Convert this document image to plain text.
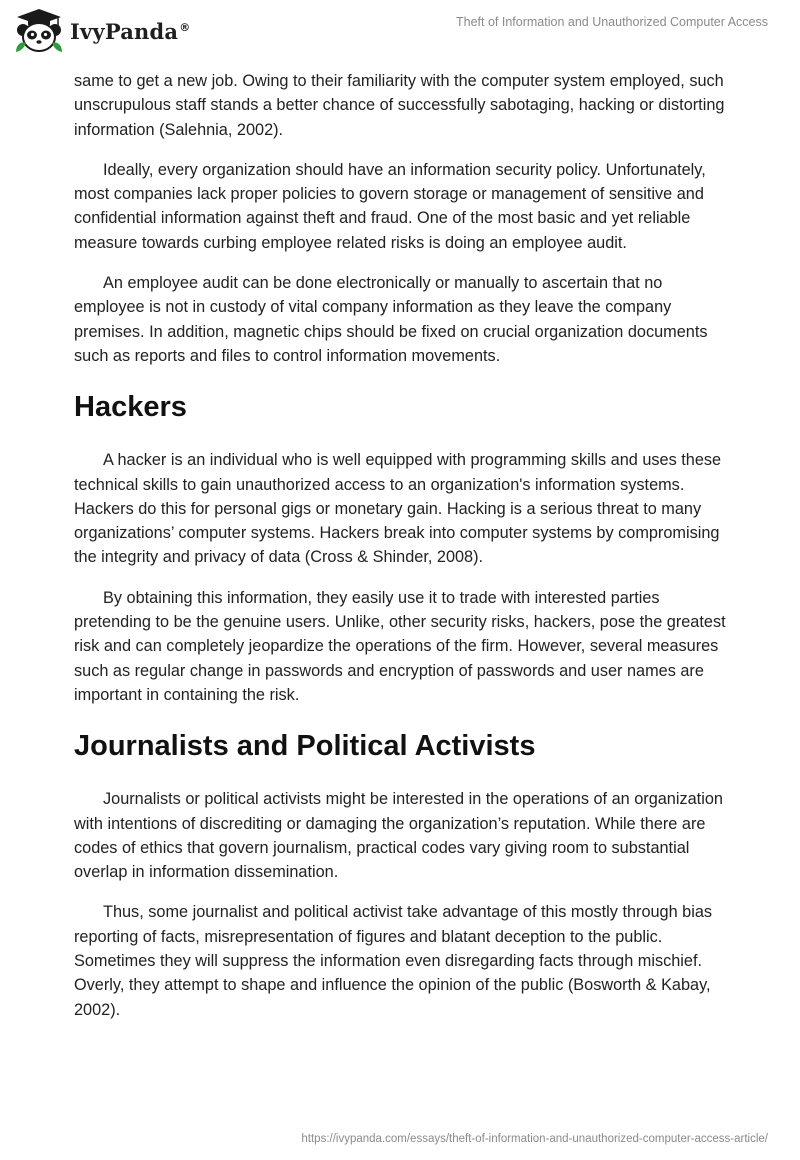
IvyPanda®	Theft of Information and Unauthorized Computer Access

same to get a new job. Owing to their familiarity with the computer system employed, such unscrupulous staff stands a better chance of successfully sabotaging, hacking or distorting information (Salehnia, 2002).

Ideally, every organization should have an information security policy. Unfortunately, most companies lack proper policies to govern storage or management of sensitive and confidential information against theft and fraud. One of the most basic and yet reliable measure towards curbing employee related risks is doing an employee audit.

An employee audit can be done electronically or manually to ascertain that no employee is not in custody of vital company information as they leave the company premises. In addition, magnetic chips should be fixed on crucial organization documents such as reports and files to control information movements.

Hackers

A hacker is an individual who is well equipped with programming skills and uses these technical skills to gain unauthorized access to an organization's information systems. Hackers do this for personal gigs or monetary gain. Hacking is a serious threat to many organizations’ computer systems. Hackers break into computer systems by compromising the integrity and privacy of data (Cross & Shinder, 2008).

By obtaining this information, they easily use it to trade with interested parties pretending to be the genuine users. Unlike, other security risks, hackers, pose the greatest risk and can completely jeopardize the operations of the firm. However, several measures such as regular change in passwords and encryption of passwords and user names are important in containing the risk.

Journalists and Political Activists

Journalists or political activists might be interested in the operations of an organization with intentions of discrediting or damaging the organization’s reputation. While there are codes of ethics that govern journalism, practical codes vary giving room to substantial overlap in information dissemination.

Thus, some journalist and political activist take advantage of this mostly through bias reporting of facts, misrepresentation of figures and blatant deception to the public. Sometimes they will suppress the information even disregarding facts through mischief. Overly, they attempt to shape and influence the opinion of the public (Bosworth & Kabay, 2002).

https://ivypanda.com/essays/theft-of-information-and-unauthorized-computer-access-article/
